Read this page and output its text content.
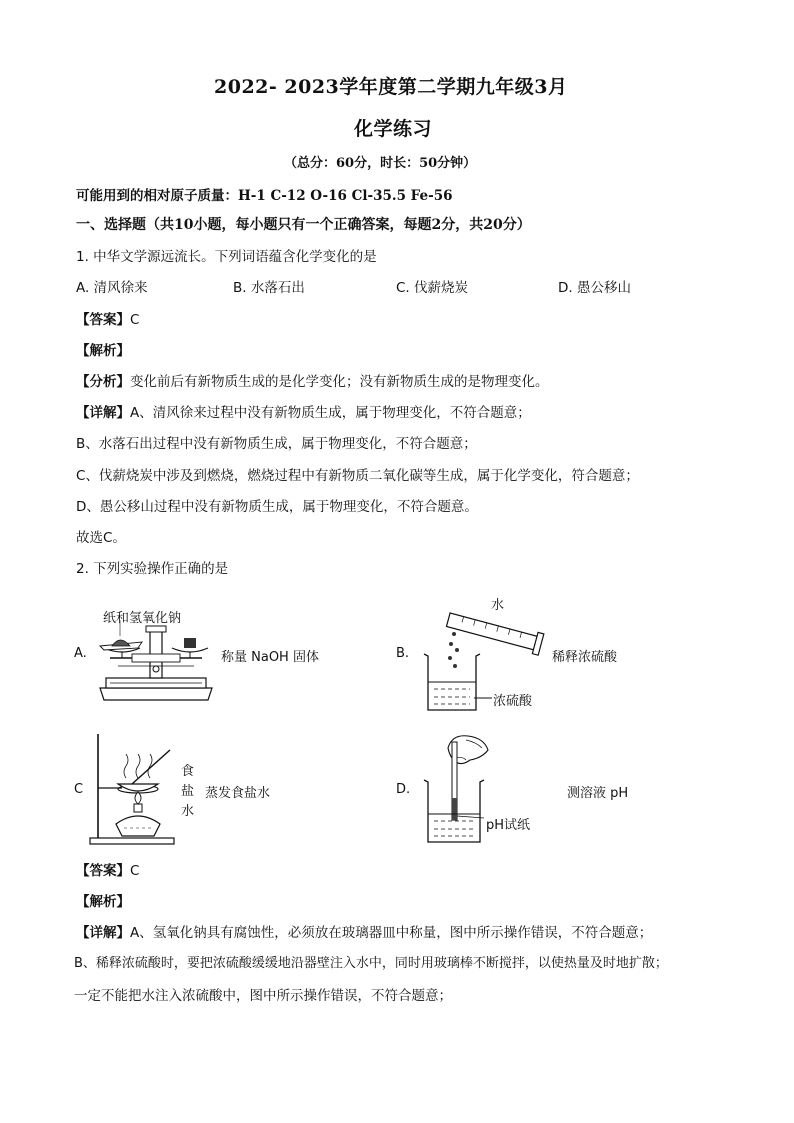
2022- 2023学年度第二学期九年级3月
化学练习
（总分：60分，时长：50分钟）
可能用到的相对原子质量：H-1 C-12 O-16 Cl-35.5 Fe-56
一、选择题（共10小题，每小题只有一个正确答案，每题2分，共20分）
1. 中华文学源远流长。下列词语蕴含化学变化的是
A. 清风徐来	B. 水落石出	C. 伐薪烧炭	D. 愚公移山
【答案】C
【解析】
【分析】变化前后有新物质生成的是化学变化；没有新物质生成的是物理变化。
【详解】A、清风徐来过程中没有新物质生成，属于物理变化，不符合题意；
B、水落石出过程中没有新物质生成，属于物理变化，不符合题意；
C、伐薪烧炭中涉及到燃烧，燃烧过程中有新物质二氧化碳等生成，属于化学变化，符合题意；
D、愚公移山过程中没有新物质生成，属于物理变化，不符合题意。
故选C。
2. 下列实验操作正确的是
A.
纸和氢氧化钠
称量 NaOH 固体	B.
水
浓硫酸
稀释浓硫酸
C
食
盐
水
蒸发食盐水	D.
pH试纸
测溶液 pH
【答案】C
【解析】
【详解】A、氢氧化钠具有腐蚀性，必须放在玻璃器皿中称量，图中所示操作错误，不符合题意；
B、稀释浓硫酸时，要把浓硫酸缓缓地沿器壁注入水中，同时用玻璃棒不断搅拌，以使热量及时地扩散；
一定不能把水注入浓硫酸中，图中所示操作错误，不符合题意；
